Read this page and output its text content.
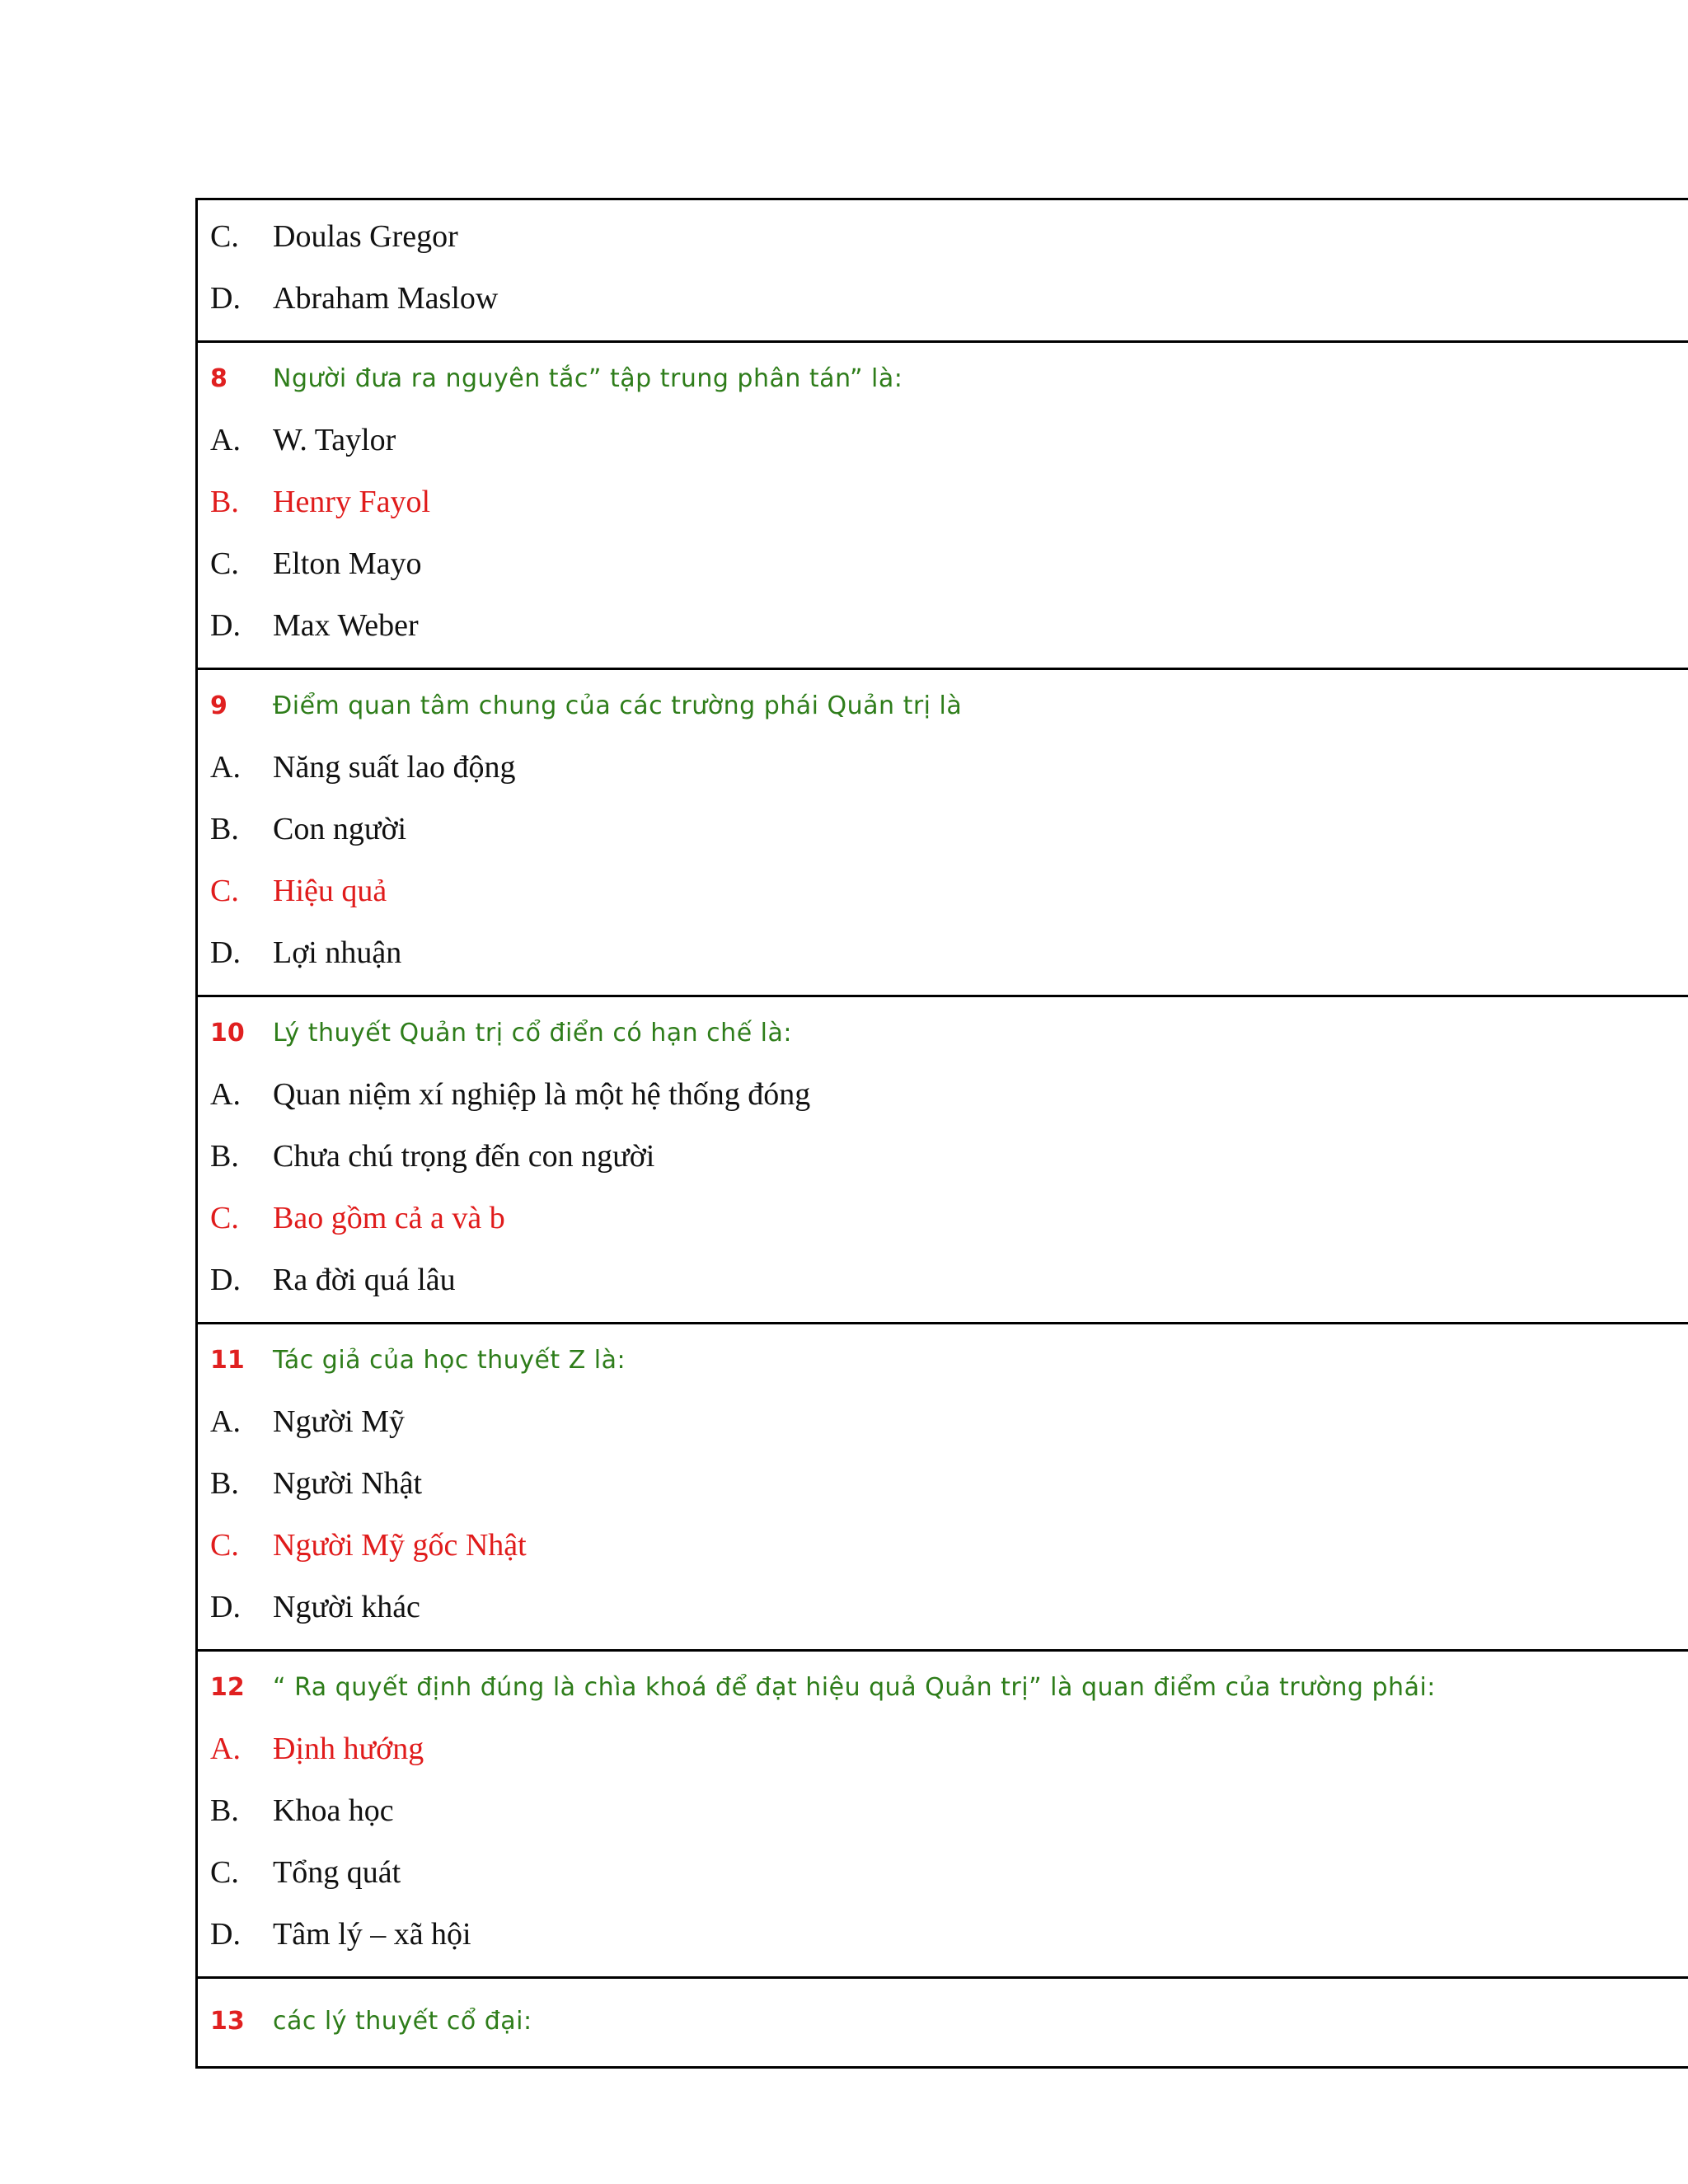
C.	Doulas Gregor
D.	Abraham Maslow
8	Người đưa ra nguyên tắc” tập trung phân tán” là:
A.	W. Taylor
B.	Henry Fayol
C.	Elton Mayo
D.	Max Weber
9	Điểm quan tâm chung của các trường phái Quản trị là
A.	Năng suất lao động
B.	Con người
C.	Hiệu quả
D.	Lợi nhuận
10	Lý thuyết Quản trị cổ điển có hạn chế là:
A.	Quan niệm xí nghiệp là một hệ thống đóng
B.	Chưa chú trọng đến con người
C.	Bao gồm cả a và b
D.	Ra đời quá lâu
11	Tác giả của học thuyết Z là:
A.	Người Mỹ
B.	Người Nhật
C.	Người Mỹ gốc Nhật
D.	Người khác
12	“ Ra quyết định đúng là chìa khoá để đạt hiệu quả Quản trị” là quan điểm của trường phái:
A.	Định hướng
B.	Khoa học
C.	Tổng quát
D.	Tâm lý – xã hội
13	các lý thuyết cổ đại:
